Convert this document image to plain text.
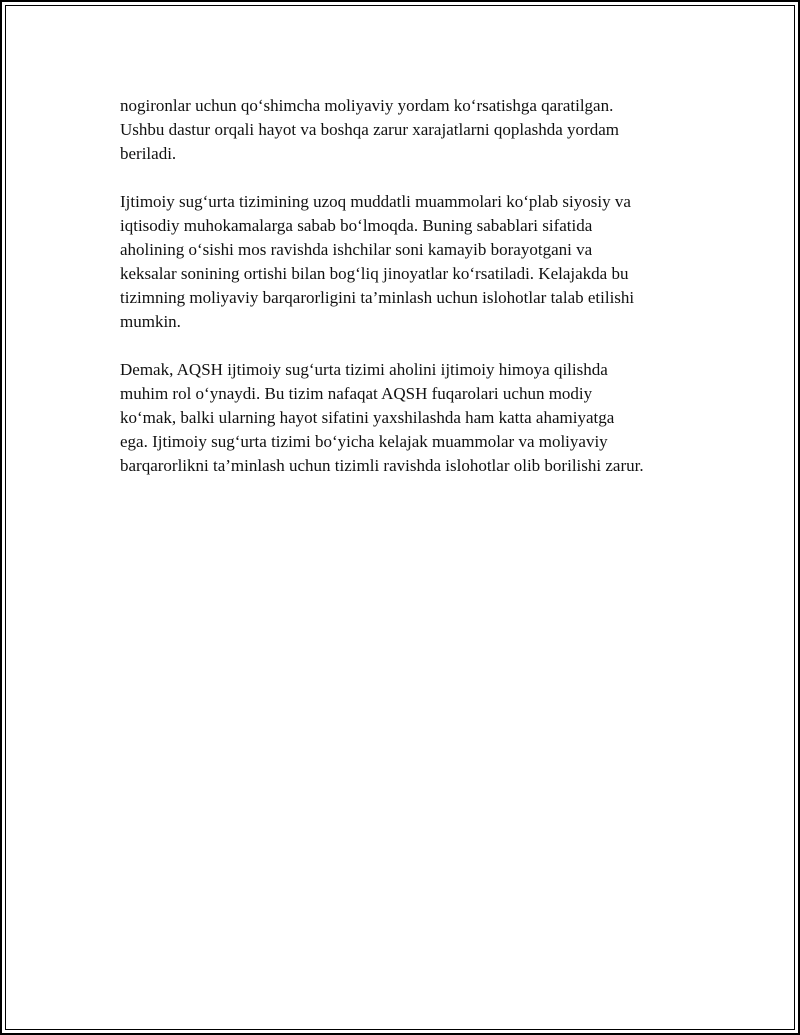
nogironlar uchun qo‘shimcha moliyaviy yordam ko‘rsatishga qaratilgan.
Ushbu dastur orqali hayot va boshqa zarur xarajatlarni qoplashda yordam
beriladi.

Ijtimoiy sug‘urta tizimining uzoq muddatli muammolari ko‘plab siyosiy va
iqtisodiy muhokamalarga sabab bo‘lmoqda. Buning sabablari sifatida
aholining o‘sishi mos ravishda ishchilar soni kamayib borayotgani va
keksalar sonining ortishi bilan bog‘liq jinoyatlar ko‘rsatiladi. Kelajakda bu
tizimning moliyaviy barqarorligini ta’minlash uchun islohotlar talab etilishi
mumkin.

Demak, AQSH ijtimoiy sug‘urta tizimi aholini ijtimoiy himoya qilishda
muhim rol o‘ynaydi. Bu tizim nafaqat AQSH fuqarolari uchun modiy
ko‘mak, balki ularning hayot sifatini yaxshilashda ham katta ahamiyatga
ega. Ijtimoiy sug‘urta tizimi bo‘yicha kelajak muammolar va moliyaviy
barqarorlikni ta’minlash uchun tizimli ravishda islohotlar olib borilishi zarur.
